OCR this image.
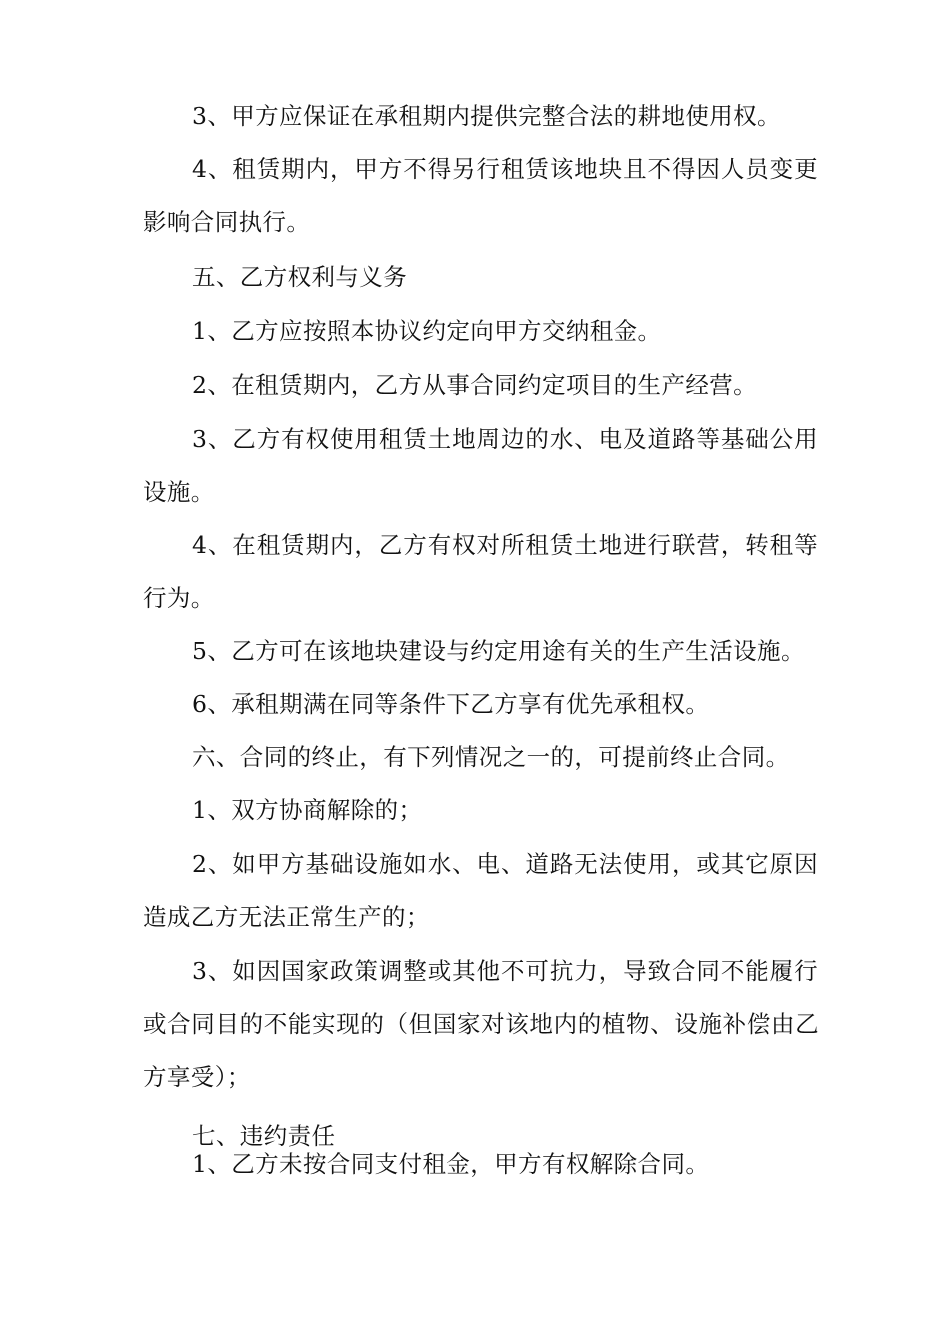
3、甲方应保证在承租期内提供完整合法的耕地使用权。
4、租赁期内，甲方不得另行租赁该地块且不得因人员变更
影响合同执行。
五、乙方权利与义务
1、乙方应按照本协议约定向甲方交纳租金。
2、在租赁期内，乙方从事合同约定项目的生产经营。
3、乙方有权使用租赁土地周边的水、电及道路等基础公用
设施。
4、在租赁期内，乙方有权对所租赁土地进行联营，转租等
行为。
5、乙方可在该地块建设与约定用途有关的生产生活设施。
6、承租期满在同等条件下乙方享有优先承租权。
六、合同的终止，有下列情况之一的，可提前终止合同。
1、双方协商解除的；
2、如甲方基础设施如水、电、道路无法使用，或其它原因
造成乙方无法正常生产的；
3、如因国家政策调整或其他不可抗力，导致合同不能履行
或合同目的不能实现的（但国家对该地内的植物、设施补偿由乙
方享受）；
七、违约责任
1、乙方未按合同支付租金，甲方有权解除合同。
